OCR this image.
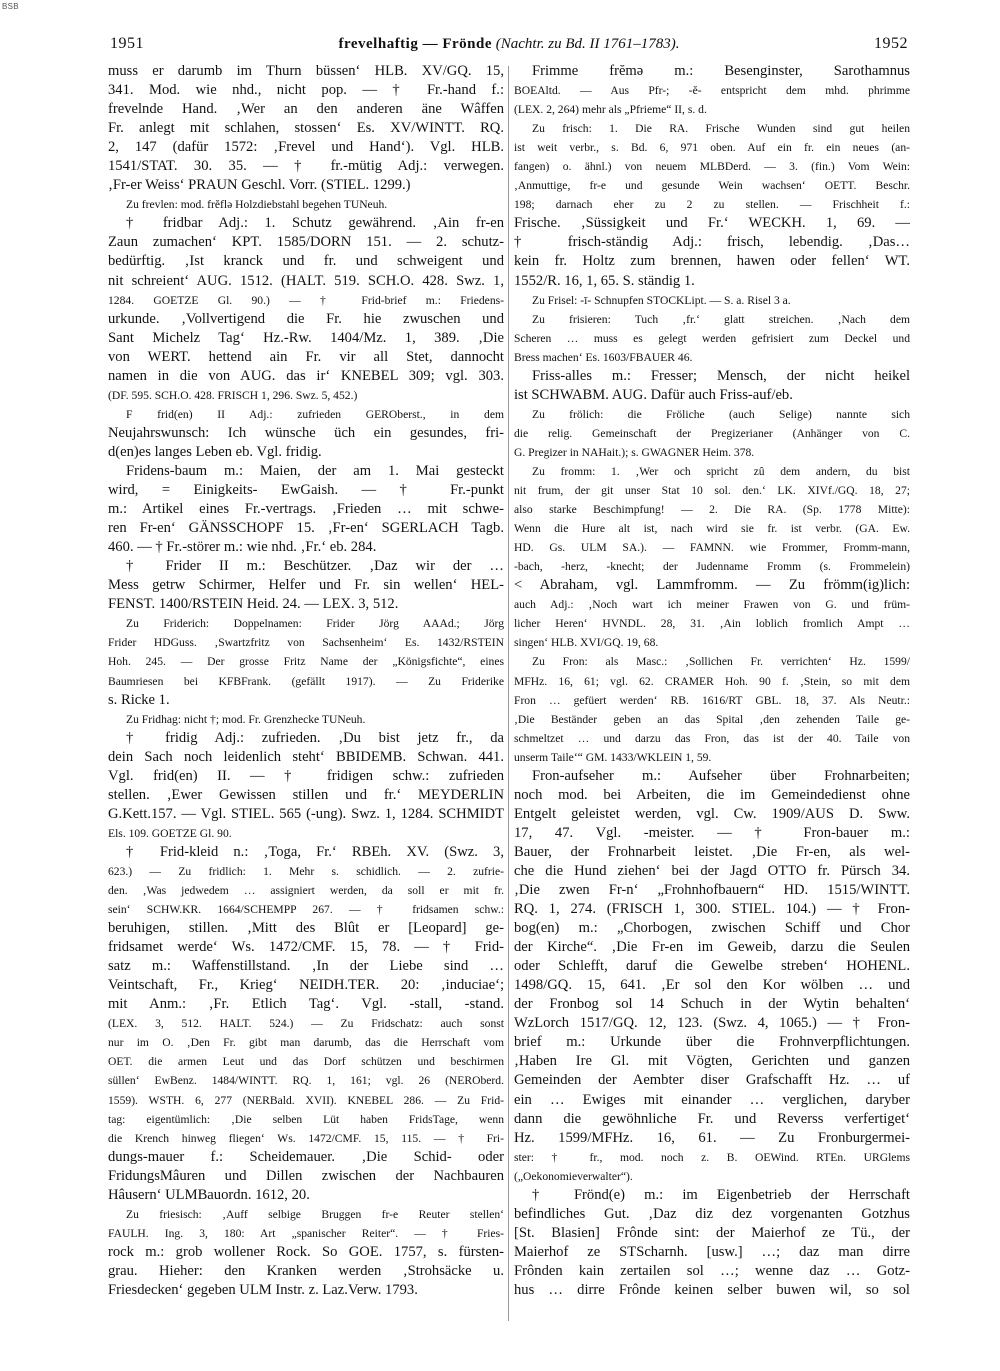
BSB
1951	frevelhaftig — Frönde (Nachtr. zu Bd. II 1761–1783).	1952

muss er darumb im Thurn büssen‘ HLB. XV/GQ. 15,

341. Mod. wie nhd., nicht pop. — † Fr.-hand f.:

frevelnde Hand. ‚Wer an den anderen äne Wâffen

Fr. anlegt mit schlahen, stossen‘ Es. XV/WINTT. RQ.

2, 147 (dafür 1572: ‚Frevel und Hand‘). Vgl. HLB.

1541/STAT. 30. 35. — † fr.-mütig Adj.: verwegen.

‚Fr-er Weiss‘ PRAUN Geschl. Vorr. (STIEL. 1299.)

Zu frevlen: mod. frĕflə Holzdiebstahl begehen TUNeuh.

† fridbar Adj.: 1. Schutz gewährend. ‚Ain fr-en

Zaun zumachen‘ KPT. 1585/DORN 151. — 2. schutz-

bedürftig. ‚Ist kranck und fr. und schweigent und

nit schreient‘ AUG. 1512. (HALT. 519. SCH.O. 428. Swz. 1,

1284. GOETZE Gl. 90.) — † Frid-brief m.: Friedens-

urkunde. ‚Vollvertigend die Fr. hie zwuschen und

Sant Michelz Tag‘ Hz.-Rw. 1404/Mz. 1, 389. ‚Die

von WERT. hettend ain Fr. vir all Stet, dannocht

namen in die von AUG. das ir‘ KNEBEL 309; vgl. 303.

(DF. 595. SCH.O. 428. FRISCH 1, 296. Swz. 5, 452.)

F frid(en) II Adj.: zufrieden GEROberst., in dem

Neujahrswunsch: Ich wünsche üch ein gesundes, fri-

d(en)es langes Leben eb. Vgl. fridig.

Fridens-baum m.: Maien, der am 1. Mai gesteckt

wird, = Einigkeits- EwGaish. — † Fr.-punkt

m.: Artikel eines Fr.-vertrags. ‚Frieden … mit schwe-

ren Fr-en‘ GÄNSSCHOPF 15. ‚Fr-en‘ SGERLACH Tagb.

460. — † Fr.-störer m.: wie nhd. ‚Fr.‘ eb. 284.

† Frider II m.: Beschützer. ‚Daz wir der …

Mess getrw Schirmer, Helfer und Fr. sin wellen‘ HEL-

FENST. 1400/RSTEIN Heid. 24. — LEX. 3, 512.

Zu Friderich: Doppelnamen: Frider Jörg AAAd.; Jörg

Frider HDGuss. ‚Swartzfritz von Sachsenheim‘ Es. 1432/RSTEIN

Hoh. 245. — Der grosse Fritz Name der „Königsfichte“, eines

Baumriesen bei KFBFrank. (gefällt 1917). — Zu Friderike

s. Ricke 1.

Zu Fridhag: nicht †; mod. Fr. Grenzhecke TUNeuh.

† fridig Adj.: zufrieden. ‚Du bist jetz fr., da

dein Sach noch leidenlich steht‘ BBIDEMB. Schwan. 441.

Vgl. frid(en) II. — † fridigen schw.: zufrieden

stellen. ‚Ewer Gewissen stillen und fr.‘ MEYDERLIN

G.Kett.157. — Vgl. STIEL. 565 (-ung). Swz. 1, 1284. SCHMIDT

Els. 109. GOETZE Gl. 90.

† Frid-kleid n.: ‚Toga, Fr.‘ RBEh. XV. (Swz. 3,

623.) — Zu fridlich: 1. Mehr s. schidlich. — 2. zufrie-

den. ‚Was jedwedem … assigniert werden, da soll er mit fr.

sein‘ SCHW.KR. 1664/SCHEMPP 267. — † fridsamen schw.:

beruhigen, stillen. ‚Mitt des Blût er [Leopard] ge-

fridsamet werde‘ Ws. 1472/CMF. 15, 78. — † Frid-

satz m.: Waffenstillstand. ‚In der Liebe sind …

Veintschaft, Fr., Krieg‘ NEIDH.TER. 20: ‚induciae‘;

mit Anm.: ‚Fr. Etlich Tag‘. Vgl. -stall, -stand.

(LEX. 3, 512. HALT. 524.) — Zu Fridschatz: auch sonst

nur im O. ‚Den Fr. gibt man darumb, das die Herrschaft vom

OET. die armen Leut und das Dorf schützen und beschirmen

süllen‘ EwBenz. 1484/WINTT. RQ. 1, 161; vgl. 26 (NEROberd.

1559). WSTH. 6, 277 (NERBald. XVII). KNEBEL 286. — Zu Frid-

tag: eigentümlich: ‚Die selben Lüt haben FridsTage, wenn

die Krench hinweg fliegen‘ Ws. 1472/CMF. 15, 115. — † Fri-

dungs-mauer f.: Scheidemauer. ‚Die Schid- oder

FridungsMâuren und Dillen zwischen der Nachbauren

Hâusern‘ ULMBauordn. 1612, 20.

Zu friesisch: ‚Auff selbige Bruggen fr-e Reuter stellen‘

FAULH. Ing. 3, 180: Art „spanischer Reiter“. — † Fries-

rock m.: grob wollener Rock. So GOE. 1757, s. fürsten-

grau. Hieher: den Kranken werden ‚Strohsäcke u.

Friesdecken‘ gegeben ULM Instr. z. Laz.Verw. 1793.

Frimme frĕmə m.: Besenginster, Sarothamnus

BOEAltd. — Aus Pfr-; -ĕ- entspricht dem mhd. phrimme

(LEX. 2, 264) mehr als „Pfrieme“ II, s. d.

Zu frisch: 1. Die RA. Frische Wunden sind gut heilen

ist weit verbr., s. Bd. 6, 971 oben. Auf ein fr. ein neues (an-

fangen) o. ähnl.) von neuem MLBDerd. — 3. (fin.) Vom Wein:

‚Anmuttige, fr-e und gesunde Wein wachsen‘ OETT. Beschr.

198; darnach eher zu 2 zu stellen. — Frischheit f.:

Frische. ‚Süssigkeit und Fr.‘ WECKH. 1, 69. —

† frisch-ständig Adj.: frisch, lebendig. ‚Das…

kein fr. Holtz zum brennen, hawen oder fellen‘ WT.

1552/R. 16, 1, 65. S. ständig 1.

Zu Frisel: -ī- Schnupfen STOCKLipt. — S. a. Risel 3 a.

Zu frisieren: Tuch ‚fr.‘ glatt streichen. ‚Nach dem

Scheren … muss es gelegt werden gefrisiert zum Deckel und

Bress machen‘ Es. 1603/FBAUER 46.

Friss-alles m.: Fresser; Mensch, der nicht heikel

ist SCHWABM. AUG. Dafür auch Friss-auf/eb.

Zu frölich: die Fröliche (auch Selige) nannte sich

die relig. Gemeinschaft der Pregizerianer (Anhänger von C.

G. Pregizer in NAHait.); s. GWAGNER Heim. 378.

Zu fromm: 1. ‚Wer och spricht zû dem andern, du bist

nit frum, der git unser Stat 10 sol. den.‘ LK. XIVf./GQ. 18, 27;

also starke Beschimpfung! — 2. Die RA. (Sp. 1778 Mitte):

Wenn die Hure alt ist, nach wird sie fr. ist verbr. (GA. Ew.

HD. Gs. ULM SA.). — FAMNN. wie Frommer, Fromm-mann,

-bach, -herz, -knecht; der Judenname Fromm (s. Frommelein)

< Abraham, vgl. Lammfromm. — Zu frömm(ig)lich:

auch Adj.: ‚Noch wart ich meiner Frawen von G. und früm-

licher Heren‘ HVNDL. 28, 31. ‚Ain loblich fromlich Ampt …

singen‘ HLB. XVI/GQ. 19, 68.

Zu Fron: als Masc.: ‚Sollichen Fr. verrichten‘ Hz. 1599/

MFHz. 16, 61; vgl. 62. CRAMER Hoh. 90 f. ‚Stein, so mit dem

Fron … gefüert werden‘ RB. 1616/RT GBL. 18, 37. Als Neutr.:

‚Die Beständer geben an das Spital ‚den zehenden Taile ge-

schmeltzet … und darzu das Fron, das ist der 40. Taile von

unserm Taile‘“ GM. 1433/WKLEIN 1, 59.

Fron-aufseher m.: Aufseher über Frohnarbeiten;

noch mod. bei Arbeiten, die im Gemeindedienst ohne

Entgelt geleistet werden, vgl. Cw. 1909/AUS D. Sww.

17, 47. Vgl. -meister. — † Fron-bauer m.:

Bauer, der Frohnarbeit leistet. ‚Die Fr-en, als wel-

che die Hund ziehen‘ bei der Jagd OTTO fr. Pürsch 34.

‚Die zwen Fr-n‘ „Frohnhofbauern“ HD. 1515/WINTT.

RQ. 1, 274. (FRISCH 1, 300. STIEL. 104.) — † Fron-

bog(en) m.: „Chorbogen, zwischen Schiff und Chor

der Kirche“. ‚Die Fr-en im Geweib, darzu die Seulen

oder Schlefft, daruf die Gewelbe streben‘ HOHENL.

1498/GQ. 15, 641. ‚Er sol den Kor wölben … und

der Fronbog sol 14 Schuch in der Wytin behalten‘

WzLorch 1517/GQ. 12, 123. (Swz. 4, 1065.) — † Fron-

brief m.: Urkunde über die Frohnverpflichtungen.

‚Haben Ire Gl. mit Vögten, Gerichten und ganzen

Gemeinden der Aembter diser Grafschafft Hz. … uf

ein … Ewiges mit einander … verglichen, daryber

dann die gewöhnliche Fr. und Reverss verfertiget‘

Hz. 1599/MFHz. 16, 61. — Zu Fronburgermei-

ster: † fr., mod. noch z. B. OEWind. RTEn. URGlems

(„Oekonomieverwalter“).

† Frönd(e) m.: im Eigenbetrieb der Herrschaft

befindliches Gut. ‚Daz diz dez vorgenanten Gotzhus

[St. Blasien] Frônde sint: der Maierhof ze Tü., der

Maierhof ze STScharnh. [usw.] …; daz man dirre

Frônden kain zertailen sol …; wenne daz … Gotz-

hus … dirre Frônde keinen selber buwen wil, so sol
